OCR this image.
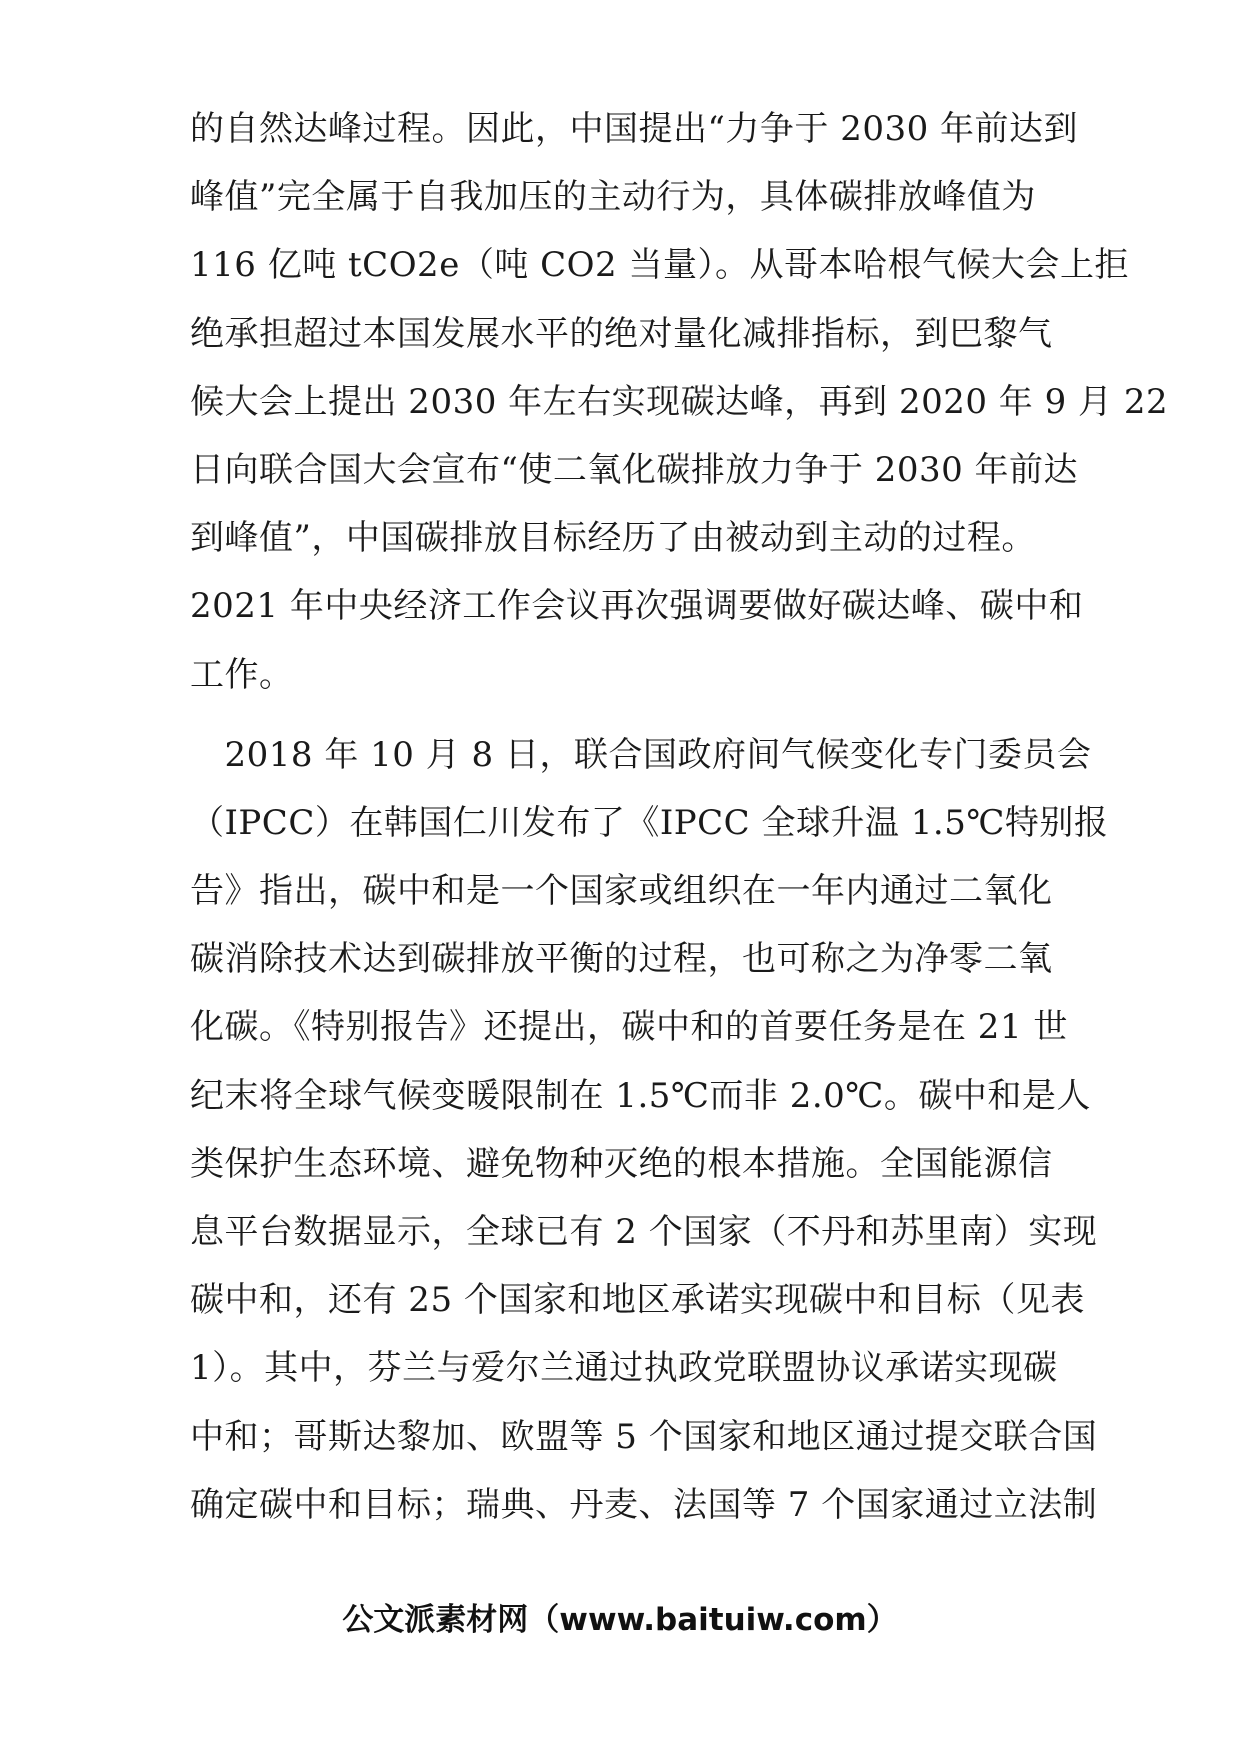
的自然达峰过程。因此，中国提出“力争于 2030 年前达到
峰值”完全属于自我加压的主动行为，具体碳排放峰值为
116 亿吨 tCO2e（吨 CO2 当量）。从哥本哈根气候大会上拒
绝承担超过本国发展水平的绝对量化减排指标，到巴黎气
候大会上提出 2030 年左右实现碳达峰，再到 2020 年 9 月 22
日向联合国大会宣布“使二氧化碳排放力争于 2030 年前达
到峰值”，中国碳排放目标经历了由被动到主动的过程。
2021 年中央经济工作会议再次强调要做好碳达峰、碳中和
工作。
　2018 年 10 月 8 日，联合国政府间气候变化专门委员会
（IPCC）在韩国仁川发布了《IPCC 全球升温 1.5℃特别报
告》指出，碳中和是一个国家或组织在一年内通过二氧化
碳消除技术达到碳排放平衡的过程，也可称之为净零二氧
化碳。《特别报告》还提出，碳中和的首要任务是在 21 世
纪末将全球气候变暖限制在 1.5℃而非 2.0℃。碳中和是人
类保护生态环境、避免物种灭绝的根本措施。全国能源信
息平台数据显示，全球已有 2 个国家（不丹和苏里南）实现
碳中和，还有 25 个国家和地区承诺实现碳中和目标（见表
1）。其中，芬兰与爱尔兰通过执政党联盟协议承诺实现碳
中和；哥斯达黎加、欧盟等 5 个国家和地区通过提交联合国
确定碳中和目标；瑞典、丹麦、法国等 7 个国家通过立法制
公文派素材网（www.baituiw.com）
